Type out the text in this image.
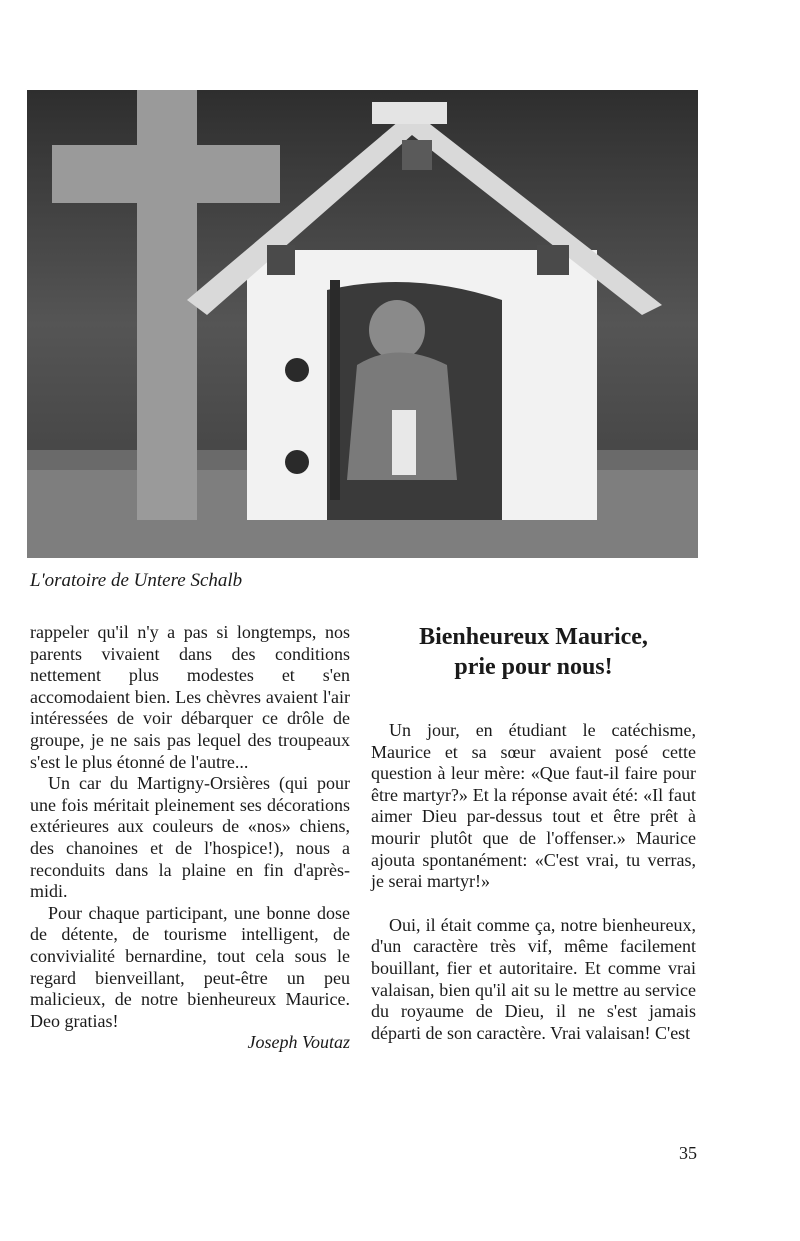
L'oratoire de Untere Schalb

rappeler qu'il n'y a pas si longtemps, nos parents vivaient dans des conditions nettement plus modestes et s'en accomodaient bien. Les chèvres avaient l'air intéressées de voir débarquer ce drôle de groupe, je ne sais pas lequel des troupeaux s'est le plus étonné de l'autre...

Un car du Martigny-Orsières (qui pour une fois méritait pleinement ses décorations extérieures aux couleurs de «nos» chiens, des chanoines et de l'hospice!), nous a reconduits dans la plaine en fin d'après-midi.

Pour chaque participant, une bonne dose de détente, de tourisme intelligent, de convivialité bernardine, tout cela sous le regard bienveillant, peut-être un peu malicieux, de notre bienheureux Maurice. Deo gratias!

Joseph Voutaz

Bienheureux Maurice,
prie pour nous!

Un jour, en étudiant le catéchisme, Maurice et sa sœur avaient posé cette question à leur mère: «Que faut-il faire pour être martyr?» Et la réponse avait été: «Il faut aimer Dieu par-dessus tout et être prêt à mourir plutôt que de l'offenser.» Maurice ajouta spontanément: «C'est vrai, tu verras, je serai martyr!»

Oui, il était comme ça, notre bienheureux, d'un caractère très vif, même facilement bouillant, fier et autoritaire. Et comme vrai valaisan, bien qu'il ait su le mettre au service du royaume de Dieu, il ne s'est jamais départi de son caractère. Vrai valaisan! C'est

35
